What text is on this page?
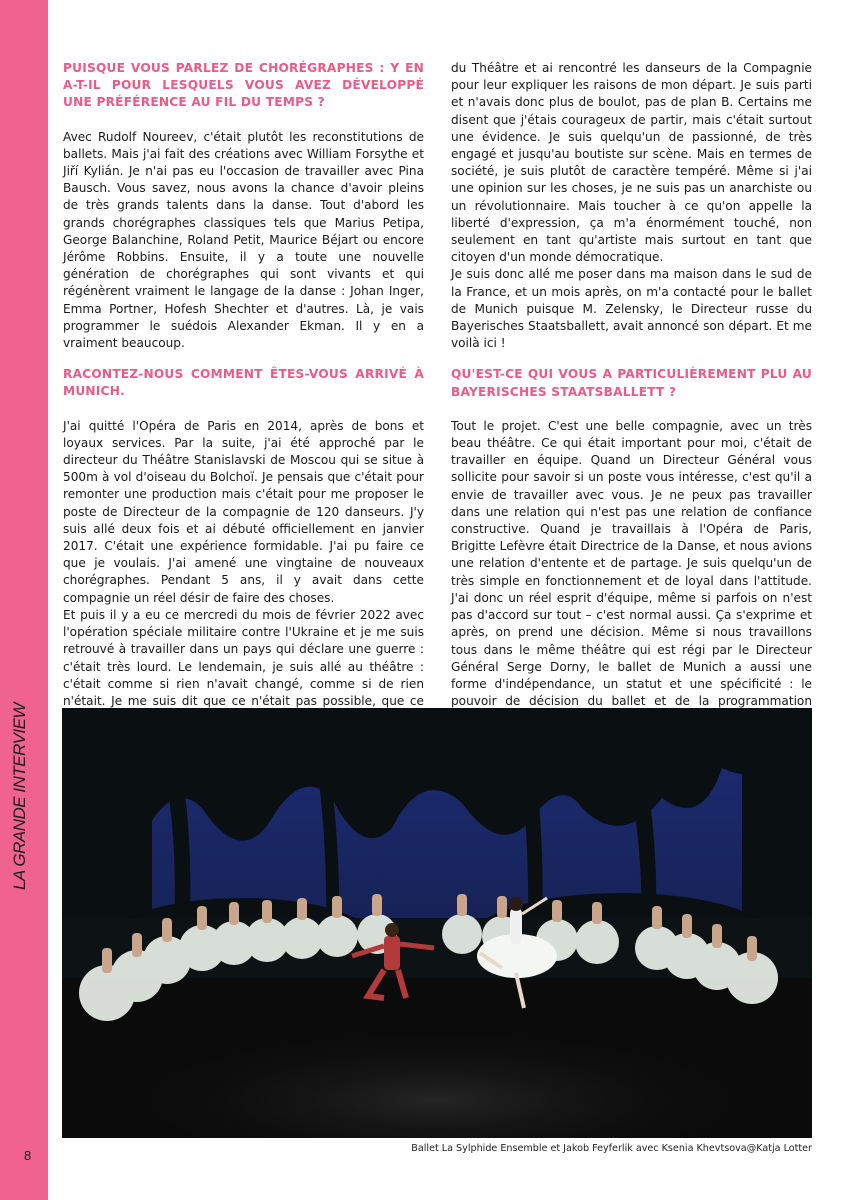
8

PUISQUE VOUS PARLEZ DE CHORÉGRAPHES : Y EN A-T-IL POUR LESQUELS VOUS AVEZ DÉVELOPPÉ UNE PRÉFÉRENCE AU FIL DU TEMPS ?

Avec Rudolf Noureev, c'était plutôt les reconstitutions de ballets. Mais j'ai fait des créations avec William Forsythe et Jiří Kylián. Je n'ai pas eu l'occasion de travailler avec Pina Bausch. Vous savez, nous avons la chance d'avoir pleins de très grands talents dans la danse. Tout d'abord les grands chorégraphes classiques tels que Marius Petipa, George Balanchine, Roland Petit, Maurice Béjart ou encore Jérôme Robbins. Ensuite, il y a toute une nouvelle génération de chorégraphes qui sont vivants et qui régénèrent vraiment le langage de la danse : Johan Inger, Emma Portner, Hofesh Shechter et d'autres. Là, je vais programmer le suédois Alexander Ekman. Il y en a vraiment beaucoup.

RACONTEZ-NOUS COMMENT ÊTES-VOUS ARRIVÉ À MUNICH.

J'ai quitté l'Opéra de Paris en 2014, après de bons et loyaux services. Par la suite, j'ai été approché par le directeur du Théâtre Stanislavski de Moscou qui se situe à 500m à vol d'oiseau du Bolchoï. Je pensais que c'était pour remonter une production mais c'était pour me proposer le poste de Directeur de la compagnie de 120 danseurs. J'y suis allé deux fois et ai débuté officiellement en janvier 2017. C'était une expérience formidable. J'ai pu faire ce que je voulais. J'ai amené une vingtaine de nouveaux chorégraphes. Pendant 5 ans, il y avait dans cette compagnie un réel désir de faire des choses.

Et puis il y a eu ce mercredi du mois de février 2022 avec l'opération spéciale militaire contre l'Ukraine et je me suis retrouvé à travailler dans un pays qui déclare une guerre : c'était très lourd. Le lendemain, je suis allé au théâtre : c'était comme si rien n'avait changé, comme si de rien n'était. Je me suis dit que ce n'était pas possible, que ce

du Théâtre et ai rencontré les danseurs de la Compagnie pour leur expliquer les raisons de mon départ. Je suis parti et n'avais donc plus de boulot, pas de plan B. Certains me disent que j'étais courageux de partir, mais c'était surtout une évidence. Je suis quelqu'un de passionné, de très engagé et jusqu'au boutiste sur scène. Mais en termes de société, je suis plutôt de caractère tempéré. Même si j'ai une opinion sur les choses, je ne suis pas un anarchiste ou un révolutionnaire. Mais toucher à ce qu'on appelle la liberté d'expression, ça m'a énormément touché, non seulement en tant qu'artiste mais surtout en tant que citoyen d'un monde démocratique.

Je suis donc allé me poser dans ma maison dans le sud de la France, et un mois après, on m'a contacté pour le ballet de Munich puisque M. Zelensky, le Directeur russe du Bayerisches Staatsballett, avait annoncé son départ. Et me voilà ici !

QU'EST-CE QUI VOUS A PARTICULIÈREMENT PLU AU BAYERISCHES STAATSBALLETT ?

Tout le projet. C'est une belle compagnie, avec un très beau théâtre. Ce qui était important pour moi, c'était de travailler en équipe. Quand un Directeur Général vous sollicite pour savoir si un poste vous intéresse, c'est qu'il a envie de travailler avec vous. Je ne peux pas travailler dans une relation qui n'est pas une relation de confiance constructive. Quand je travaillais à l'Opéra de Paris, Brigitte Lefèvre était Directrice de la Danse, et nous avions une relation d'entente et de partage. Je suis quelqu'un de très simple en fonctionnement et de loyal dans l'attitude. J'ai donc un réel esprit d'équipe, même si parfois on n'est pas d'accord sur tout – c'est normal aussi. Ça s'exprime et après, on prend une décision. Même si nous travaillons tous dans le même théâtre qui est régi par le Directeur Général Serge Dorny, le ballet de Munich a aussi une forme d'indépendance, un statut et une spécificité : le pouvoir de décision du ballet et de la programmation

Ballet La Sylphide Ensemble et Jakob Feyferlik avec Ksenia Khevtsova@Katja Lotter
